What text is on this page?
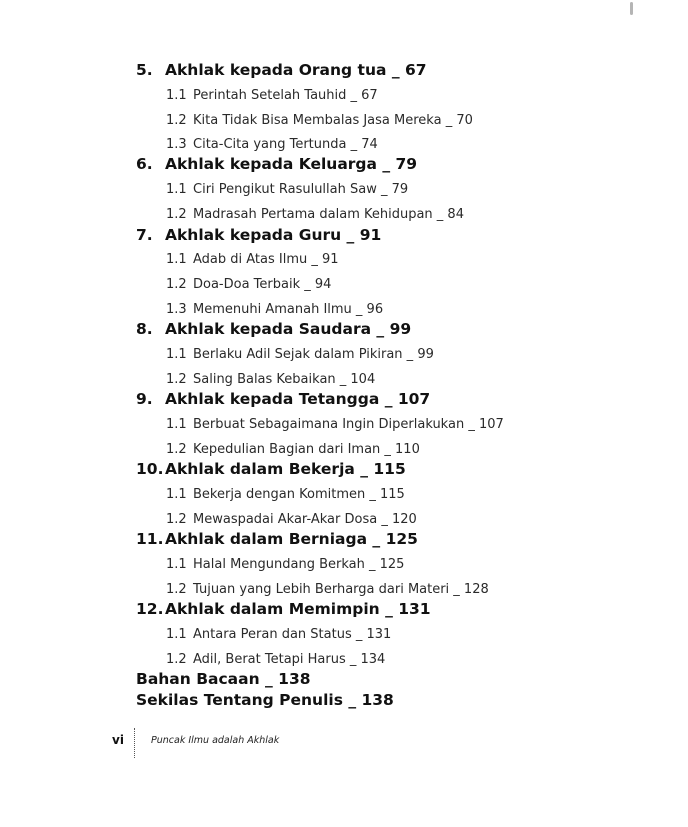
5. Akhlak kepada Orang tua _ 67
1.1 Perintah Setelah Tauhid _ 67
1.2 Kita Tidak Bisa Membalas Jasa Mereka _ 70
1.3 Cita-Cita yang Tertunda _ 74
6. Akhlak kepada Keluarga _ 79
1.1 Ciri Pengikut Rasulullah Saw _ 79
1.2 Madrasah Pertama dalam Kehidupan _ 84
7. Akhlak kepada Guru _ 91
1.1 Adab di Atas Ilmu _ 91
1.2 Doa-Doa Terbaik _ 94
1.3 Memenuhi Amanah Ilmu _ 96
8. Akhlak kepada Saudara _ 99
1.1 Berlaku Adil Sejak dalam Pikiran _ 99
1.2 Saling Balas Kebaikan _ 104
9. Akhlak kepada Tetangga _ 107
1.1 Berbuat Sebagaimana Ingin Diperlakukan _ 107
1.2 Kepedulian Bagian dari Iman _ 110
10.Akhlak dalam Bekerja _ 115
1.1 Bekerja dengan Komitmen _ 115
1.2 Mewaspadai Akar-Akar Dosa _ 120
11.Akhlak dalam Berniaga _ 125
1.1 Halal Mengundang Berkah _ 125
1.2 Tujuan yang Lebih Berharga dari Materi _ 128
12.Akhlak dalam Memimpin _ 131
1.1 Antara Peran dan Status _ 131
1.2 Adil, Berat Tetapi Harus _ 134
Bahan Bacaan _ 138
Sekilas Tentang Penulis _ 138
vi	Puncak Ilmu adalah Akhlak
